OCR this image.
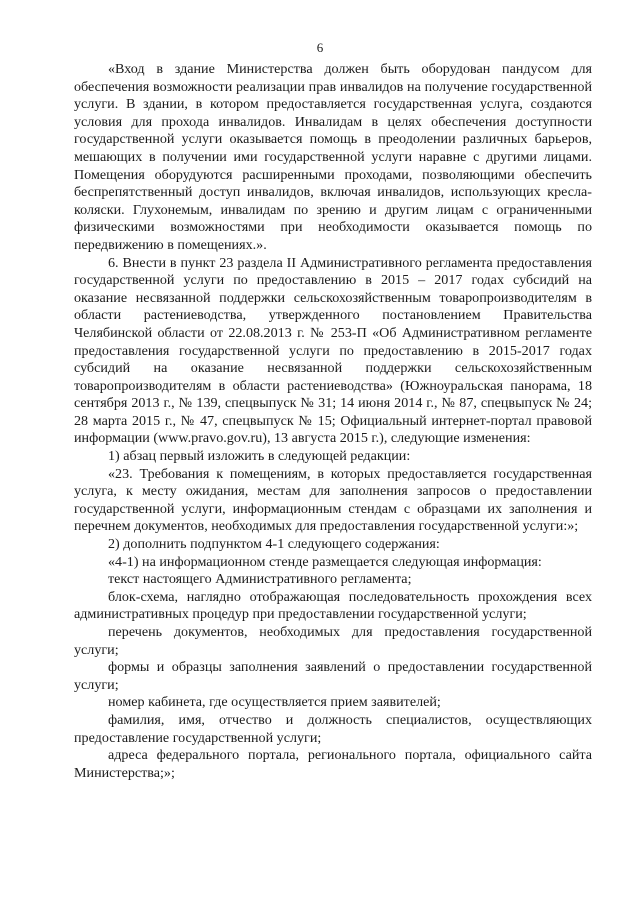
6

«Вход в здание Министерства должен быть оборудован пандусом для обеспечения возможности реализации прав инвалидов на получение государственной услуги. В здании, в котором предоставляется государственная услуга, создаются условия для прохода инвалидов. Инвалидам в целях обеспечения доступности государственной услуги оказывается помощь в преодолении различных барьеров, мешающих в получении ими государственной услуги наравне с другими лицами. Помещения оборудуются расширенными проходами, позволяющими обеспечить беспрепятственный доступ инвалидов, включая инвалидов, использующих кресла-коляски. Глухонемым, инвалидам по зрению и другим лицам с ограниченными физическими возможностями при необходимости оказывается помощь по передвижению в помещениях.».

6. Внести в пункт 23 раздела II Административного регламента предоставления государственной услуги по предоставлению в 2015 – 2017 годах субсидий на оказание несвязанной поддержки сельскохозяйственным товаропроизводителям в области растениеводства, утвержденного постановлением Правительства Челябинской области от 22.08.2013 г. № 253-П «Об Административном регламенте предоставления государственной услуги по предоставлению в 2015-2017 годах субсидий на оказание несвязанной поддержки сельскохозяйственным товаропроизводителям в области растениеводства» (Южноуральская панорама, 18 сентября 2013 г., № 139, спецвыпуск № 31; 14 июня 2014 г., № 87, спецвыпуск № 24; 28 марта 2015 г., № 47, спецвыпуск № 15; Официальный интернет-портал правовой информации (www.pravo.gov.ru), 13 августа 2015 г.), следующие изменения:

1) абзац первый изложить в следующей редакции:

«23. Требования к помещениям, в которых предоставляется государственная услуга, к месту ожидания, местам для заполнения запросов о предоставлении государственной услуги, информационным стендам с образцами их заполнения и перечнем документов, необходимых для предоставления государственной услуги:»;

2) дополнить подпунктом 4-1 следующего содержания:

«4-1) на информационном стенде размещается следующая информация:

текст настоящего Административного регламента;

блок-схема, наглядно отображающая последовательность прохождения всех административных процедур при предоставлении государственной услуги;

перечень документов, необходимых для предоставления государственной услуги;

формы и образцы заполнения заявлений о предоставлении государственной услуги;

номер кабинета, где осуществляется прием заявителей;

фамилия, имя, отчество и должность специалистов, осуществляющих предоставление государственной услуги;

адреса федерального портала, регионального портала, официального сайта Министерства;»;
